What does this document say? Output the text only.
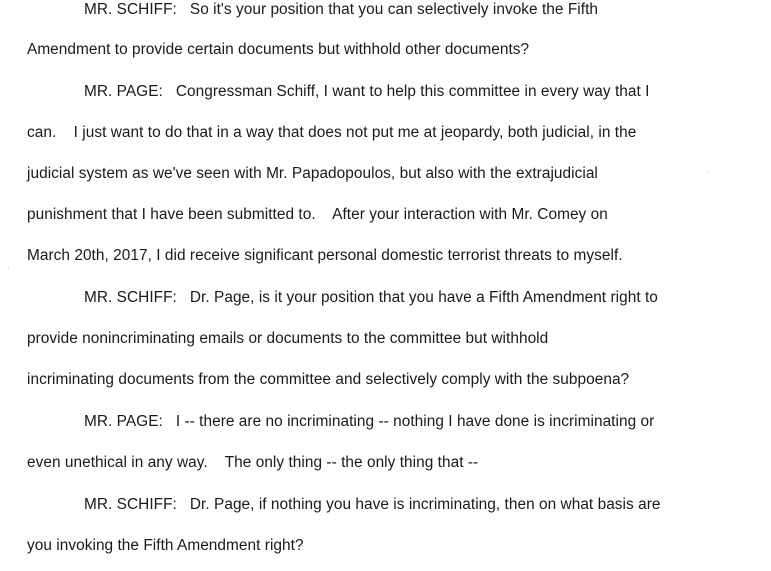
MR. SCHIFF: So it's your position that you can selectively invoke the Fifth
Amendment to provide certain documents but withhold other documents?
MR. PAGE: Congressman Schiff, I want to help this committee in every way that I
can.    I just want to do that in a way that does not put me at jeopardy, both judicial, in the
judicial system as we've seen with Mr. Papadopoulos, but also with the extrajudicial
punishment that I have been submitted to.    After your interaction with Mr. Comey on
March 20th, 2017, I did receive significant personal domestic terrorist threats to myself.
MR. SCHIFF: Dr. Page, is it your position that you have a Fifth Amendment right to
provide nonincriminating emails or documents to the committee but withhold
incriminating documents from the committee and selectively comply with the subpoena?
MR. PAGE: I -- there are no incriminating -- nothing I have done is incriminating or
even unethical in any way.    The only thing -- the only thing that --
MR. SCHIFF: Dr. Page, if nothing you have is incriminating, then on what basis are
you invoking the Fifth Amendment right?
